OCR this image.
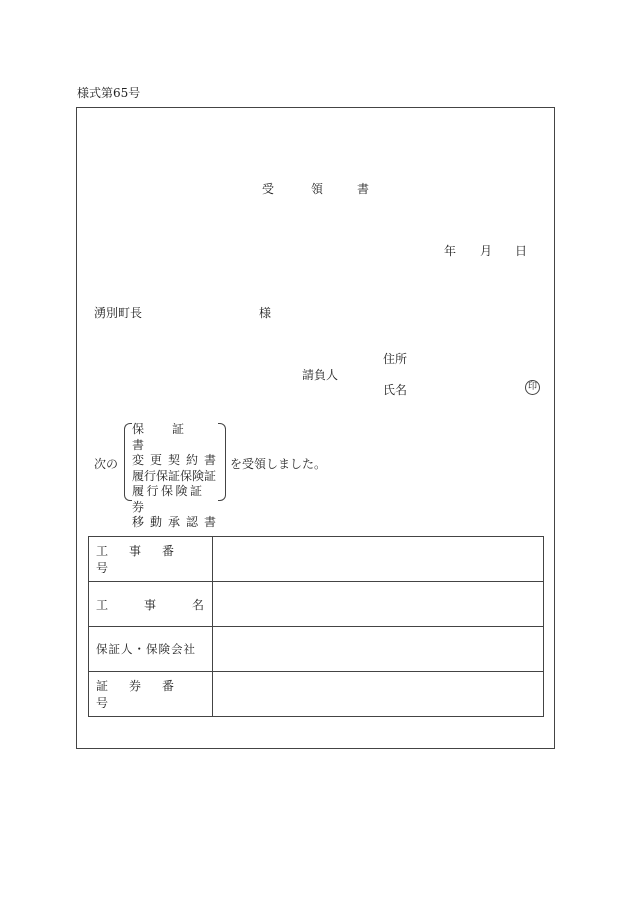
様式第65号
受	領	書
年 月 日
湧別町長	様
住所
請負人
氏名	印
次の
保証書
変更契約書
履行保証保険証
履行保険証券
移動承認書
を受領しました。
工事番号	

工事名	

保証人・保険会社	

証券番号	
